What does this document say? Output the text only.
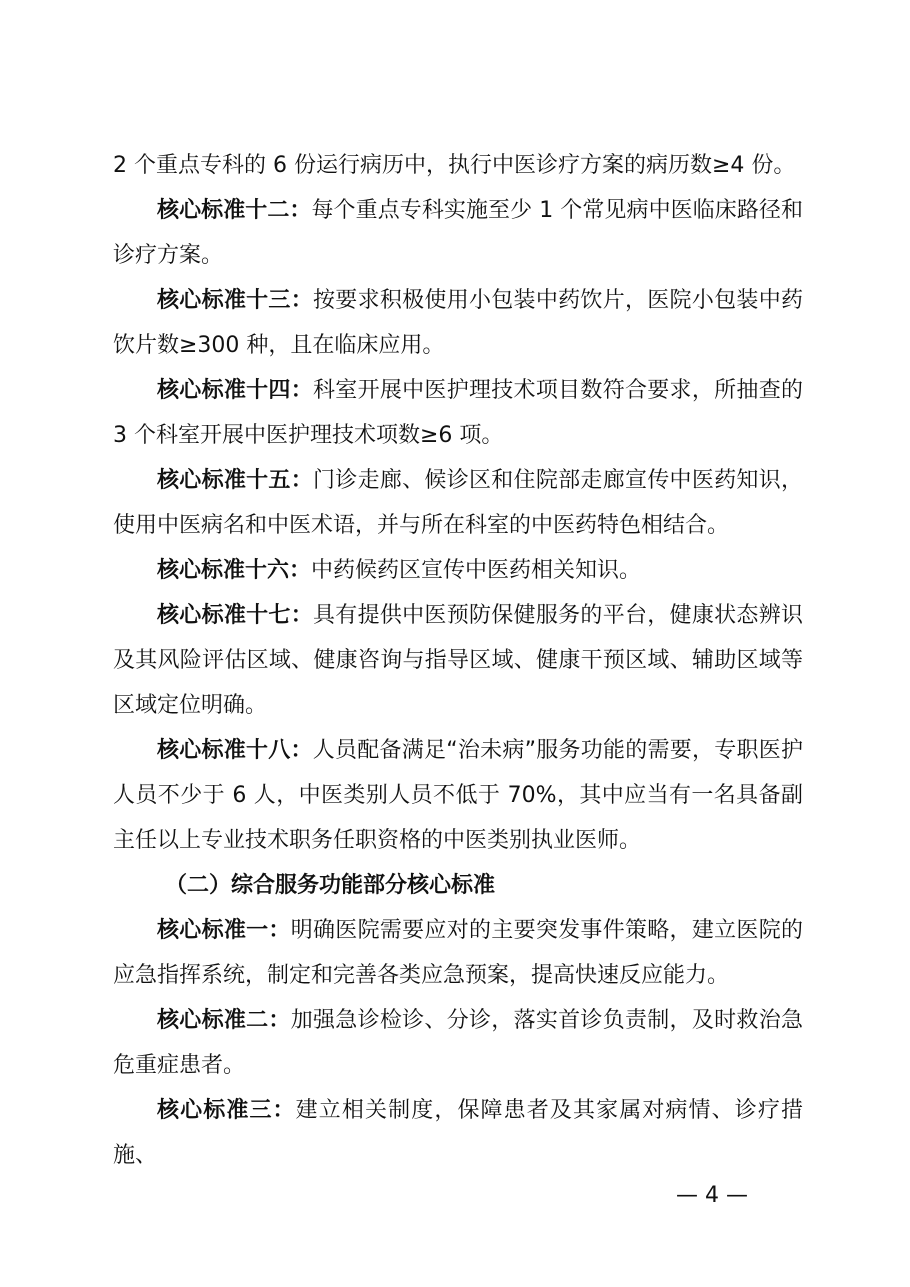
2 个重点专科的 6 份运行病历中，执行中医诊疗方案的病历数≥4 份。

核心标准十二：每个重点专科实施至少 1 个常见病中医临床路径和诊疗方案。

核心标准十三：按要求积极使用小包装中药饮片，医院小包装中药饮片数≥300 种，且在临床应用。

核心标准十四：科室开展中医护理技术项目数符合要求，所抽查的 3 个科室开展中医护理技术项数≥6 项。

核心标准十五：门诊走廊、候诊区和住院部走廊宣传中医药知识，使用中医病名和中医术语，并与所在科室的中医药特色相结合。

核心标准十六：中药候药区宣传中医药相关知识。

核心标准十七：具有提供中医预防保健服务的平台，健康状态辨识及其风险评估区域、健康咨询与指导区域、健康干预区域、辅助区域等区域定位明确。

核心标准十八：人员配备满足“治未病”服务功能的需要，专职医护人员不少于 6 人，中医类别人员不低于 70%，其中应当有一名具备副主任以上专业技术职务任职资格的中医类别执业医师。

（二）综合服务功能部分核心标准

核心标准一：明确医院需要应对的主要突发事件策略，建立医院的应急指挥系统，制定和完善各类应急预案，提高快速反应能力。

核心标准二：加强急诊检诊、分诊，落实首诊负责制，及时救治急危重症患者。

核心标准三：建立相关制度，保障患者及其家属对病情、诊疗措施、

— 4 —
